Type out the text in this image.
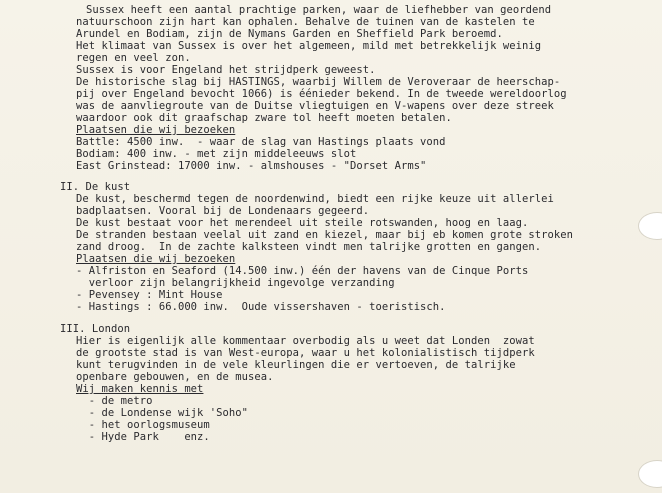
Sussex heeft een aantal prachtige parken, waar de liefhebber van geordend
natuurschoon zijn hart kan ophalen. Behalve de tuinen van de kastelen te
Arundel en Bodiam, zijn de Nymans Garden en Sheffield Park beroemd.
Het klimaat van Sussex is over het algemeen, mild met betrekkelijk weinig
regen en veel zon.
Sussex is voor Engeland het strijdperk geweest.
De historische slag bij HASTINGS, waarbij Willem de Veroveraar de heerschap-
pij over Engeland bevocht 1066) is éénieder bekend. In de tweede wereldoorlog
was de aanvliegroute van de Duitse vliegtuigen en V-wapens over deze streek
waardoor ook dit graafschap zware tol heeft moeten betalen.
Plaatsen die wij bezoeken
Battle: 4500 inw.  - waar de slag van Hastings plaats vond
Bodiam: 400 inw. - met zijn middeleeuws slot
East Grinstead: 17000 inw. - almshouses - "Dorset Arms"
II. De kust
De kust, beschermd tegen de noordenwind, biedt een rijke keuze uit allerlei
badplaatsen. Vooral bij de Londenaars gegeerd.
De kust bestaat voor het merendeel uit steile rotswanden, hoog en laag.
De stranden bestaan veelal uit zand en kiezel, maar bij eb komen grote stroken
zand droog.  In de zachte kalksteen vindt men talrijke grotten en gangen.
Plaatsen die wij bezoeken
- Alfriston en Seaford (14.500 inw.) één der havens van de Cinque Ports
verloor zijn belangrijkheid ingevolge verzanding
- Pevensey : Mint House
- Hastings : 66.000 inw.  Oude vissershaven - toeristisch.
III. London
Hier is eigenlijk alle kommentaar overbodig als u weet dat Londen  zowat
de grootste stad is van West-europa, waar u het kolonialistisch tijdperk
kunt terugvinden in de vele kleurlingen die er vertoeven, de talrijke
openbare gebouwen, en de musea.
Wij maken kennis met
- de metro
- de Londense wijk 'Soho"
- het oorlogsmuseum
- Hyde Park    enz.
